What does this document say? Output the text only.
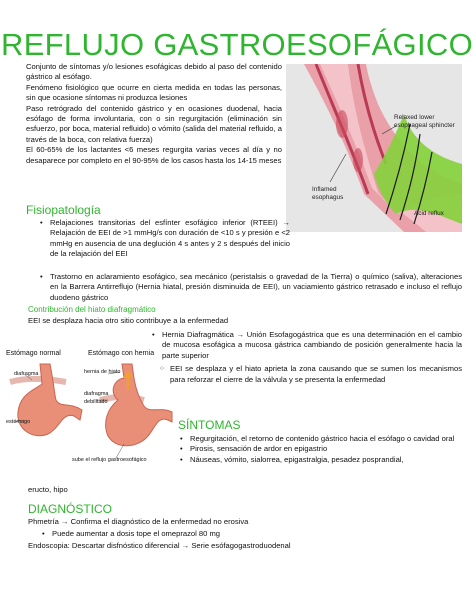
REFLUJO GASTROESOFÁGICO

Conjunto de síntomas y/o lesiones esofágicas debido al paso del contenido gástrico al esófago.

Fenómeno fisiológico que ocurre en cierta medida en todas las personas, sin que ocasione síntomas ni produzca lesiones

Paso retrógrado del contenido gástrico y en ocasiones duodenal, hacia esófago de forma involuntaria, con o sin regurgitación (eliminación sin esfuerzo, por boca, material refluido) o vómito (salida del material refluido, a través de la boca, con relativa fuerza)

El 60-65% de los lactantes <6 meses regurgita varias veces al día y no desaparece por completo en el 90-95% de los casos hasta los 14-15 meses

Relaxed lower esophageal sphincter
Inflamed esophagus
Acid reflux
Fisiopatología
• Relajaciones transitorias del esfínter esofágico inferior (RTEEI) → Relajación de EEI de >1 mmHg/s con duración de <10 s y presión e <2 mmHg en ausencia de una deglución 4 s antes y 2 s después del inicio de la relajación del EEI
• Trastorno en aclaramiento esofágico, sea mecánico (peristalsis o gravedad de la Tierra) o químico (saliva), alteraciones en la Barrera Antirreflujo (Hernia hiatal, presión disminuida de EEI), un vaciamiento gástrico retrasado e incluso el reflujo duodeno gástrico
Contribución del hiato diafragmático
EEI se desplaza hacia otro sitio contribuye a la enfermedad
• Hernia Diafragmática → Unión Esofagogástrica que es una determinación en el cambio de mucosa esofágica a mucosa gástrica cambiando de posición generalmente hacia la parte superior
○ EEI se desplaza y el hiato aprieta la zona causando que se sumen los mecanismos para reforzar el cierre de la válvula y se presenta la enfermedad
Estómago normal	Estómago con hernia
diafragma
estómago
hernia de hiato
diafragma debilitado
sube el reflujo gastroesofágico
SÍNTOMAS
• Regurgitación, el retorno de contenido gástrico hacia el esófago o cavidad oral
• Pirosis, sensación de ardor en epigastrio
• Náuseas, vómito, sialorrea, epigastralgia, pesadez posprandial,
eructo, hipo
DIAGNÓSTICO
Phmetría → Confirma el diagnóstico de la enfermedad no erosiva
• Puede aumentar a dosis tope el omeprazol 80 mg
Endoscopia: Descartar disfnóstico diferencial → Serie esófagogastroduodenal
